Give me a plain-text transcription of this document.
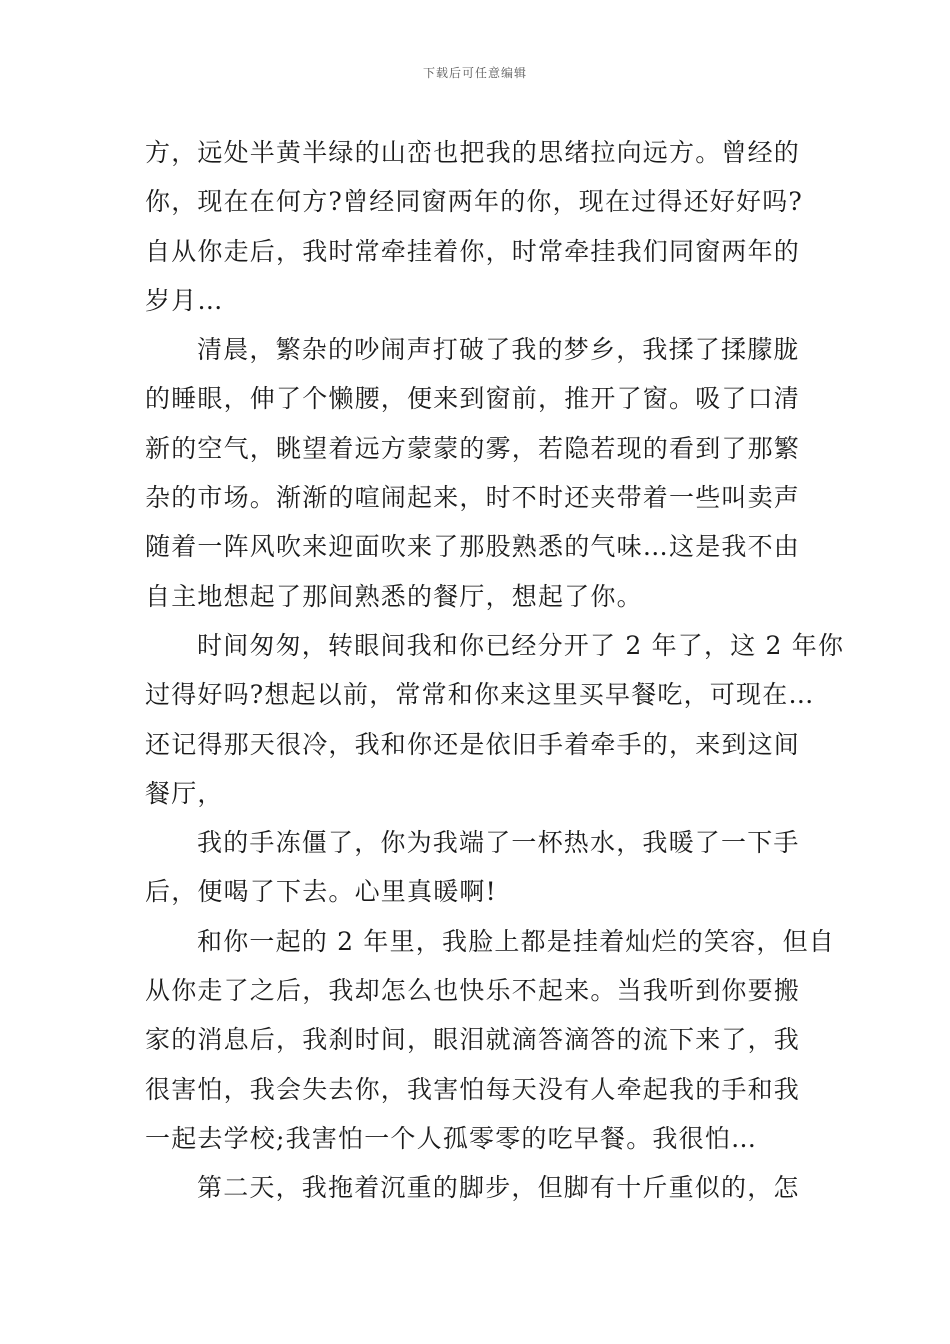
下载后可任意编辑
方，远处半黄半绿的山峦也把我的思绪拉向远方。曾经的
你，现在在何方?曾经同窗两年的你，现在过得还好好吗?
自从你走后，我时常牵挂着你，时常牵挂我们同窗两年的
岁月…
清晨，繁杂的吵闹声打破了我的梦乡，我揉了揉朦胧
的睡眼，伸了个懒腰，便来到窗前，推开了窗。吸了口清
新的空气，眺望着远方蒙蒙的雾，若隐若现的看到了那繁
杂的市场。渐渐的喧闹起来，时不时还夹带着一些叫卖声
随着一阵风吹来迎面吹来了那股熟悉的气味…这是我不由
自主地想起了那间熟悉的餐厅，想起了你。
时间匆匆，转眼间我和你已经分开了 2 年了，这 2 年你
过得好吗?想起以前，常常和你来这里买早餐吃，可现在…
还记得那天很冷，我和你还是依旧手着牵手的，来到这间
餐厅，
我的手冻僵了，你为我端了一杯热水，我暖了一下手
后，便喝了下去。心里真暖啊!
和你一起的 2 年里，我脸上都是挂着灿烂的笑容，但自
从你走了之后，我却怎么也快乐不起来。当我听到你要搬
家的消息后，我刹时间，眼泪就滴答滴答的流下来了，我
很害怕，我会失去你，我害怕每天没有人牵起我的手和我
一起去学校;我害怕一个人孤零零的吃早餐。我很怕…
第二天，我拖着沉重的脚步，但脚有十斤重似的，怎
